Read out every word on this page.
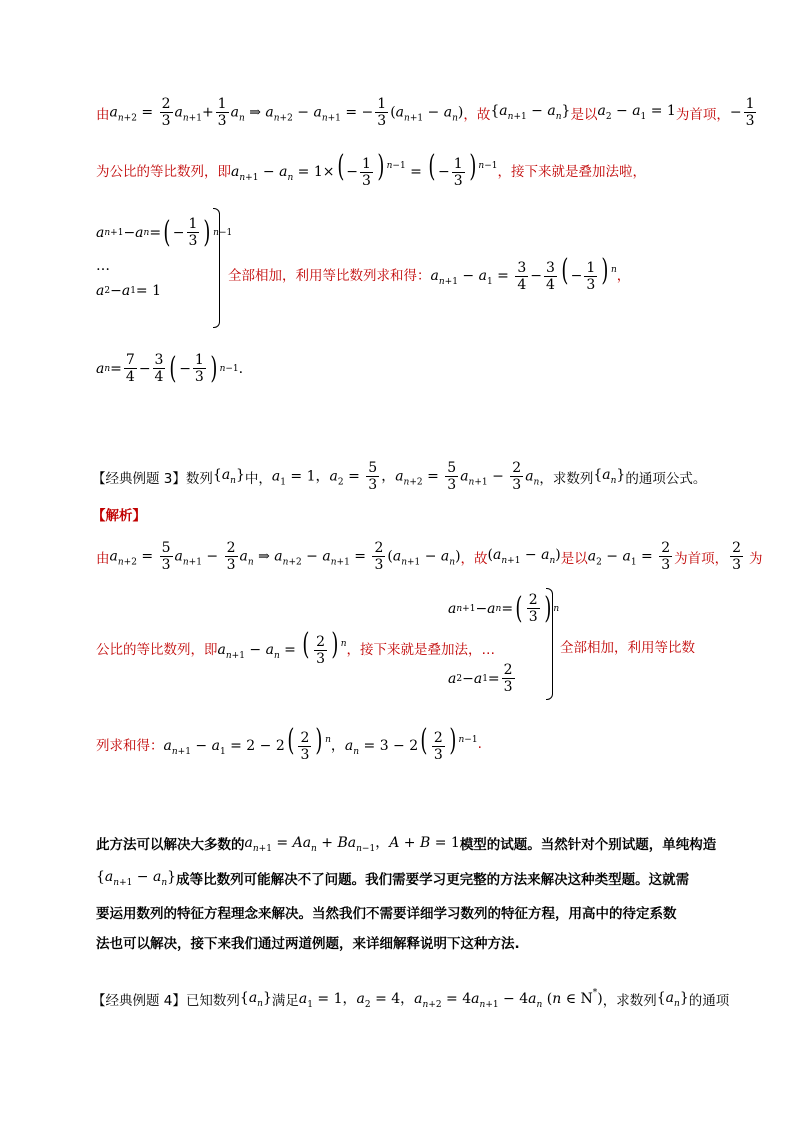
由 $a_{n+2} = \frac{2}{3} a_{n+1}+ \frac{1}{3} a_n$ ⇒ $a_{n+2} - a_{n+1}$ = − $\frac{1}{3} (a_{n+1} - a_n)$ ，故 $\{a_{n+1} - a_n\}$ 是以 $a_2 - a_1 = 1$ 为首项， − $\frac{1}{3}$
为公比的等比数列，即 $a_{n+1} - a_n = 1\times( - \frac{1}{3}$ ) $^{n-1}$ = ( − $\frac{1}{3}$ ) $^{n-1}$ ，接下来就是叠加法啦，
a n+1 − a n = ( − $\frac{1}{3}$ ) n−1
…
a 2 − a 1 = 1
全部相加，利用等比数列求和得： $a_{n+1} - a_1 = \frac{3}{4} - \frac{3}{4}$ ( − $\frac{1}{3}$ ) $^n$ ，
a $n = \frac{7}{4} - \frac{3}{4}$ ( − $\frac{1}{3}$ ) n−1 .
【经典例题 3】 数列 $\{a_n\}$ 中， $a_1 = 1$，$a_2 = \frac{5}{3}$ ，$a_{n+2} = \frac{5}{3} a_{n+1} - \frac{2}{3} a_n$ ，求数列 $\{a_n\}$ 的通项公式。
【解析】
由 $a_{n+2} = \frac{5}{3} a_{n+1} - \frac{2}{3} a_n$ ⇒ $a_{n+2} - a_{n+1} = \frac{2}{3} (a_{n+1} - a_n)$ ，故 $(a_{n+1} - a_n)$ 是以 $a_2 - a_1 = \frac{2}{3}$ 为首项， $\frac{2}{3}$ 为
a n+1 − a n = ( $\frac{2}{3}$ ) n
a 2 − a $1 = \frac{2}{3}$
公比的等比数列，即 $a_{n+1} - a_n$ = ( $\frac{2}{3}$ ) $^n$ ，接下来就是叠加法，…	全部相加，利用等比数
列求和得： $a_{n+1} - a_1 = 2 - 2( \frac{2}{3}$ ) $^n$，$a_n = 3 - 2( \frac{2}{3}$ ) $^{n-1}$ .
此方法可以解决大多数的 $a_{n+1} = Aa_n + Ba_{n-1}$，A + B = 1 模型的试题。当然针对个别试题，单纯构造
$\{a_{n+1} - a_n\}$ 成等比数列可能解决不了问题。我们需要学习更完整的方法来解决这种类型题。这就需
要运用数列的特征方程理念来解决。当然我们不需要详细学习数列的特征方程，用高中的待定系数
法也可以解决，接下来我们通过两道例题，来详细解释说明下这种方法.
【经典例题 4】 已知数列 $\{a_n\}$ 满足 $a_1 = 1$，$a_2 = 4$，$a_{n+2} = 4a_{n+1} - 4a_n$ (n ∈ N*) ，求数列 $\{a_n\}$ 的通项
